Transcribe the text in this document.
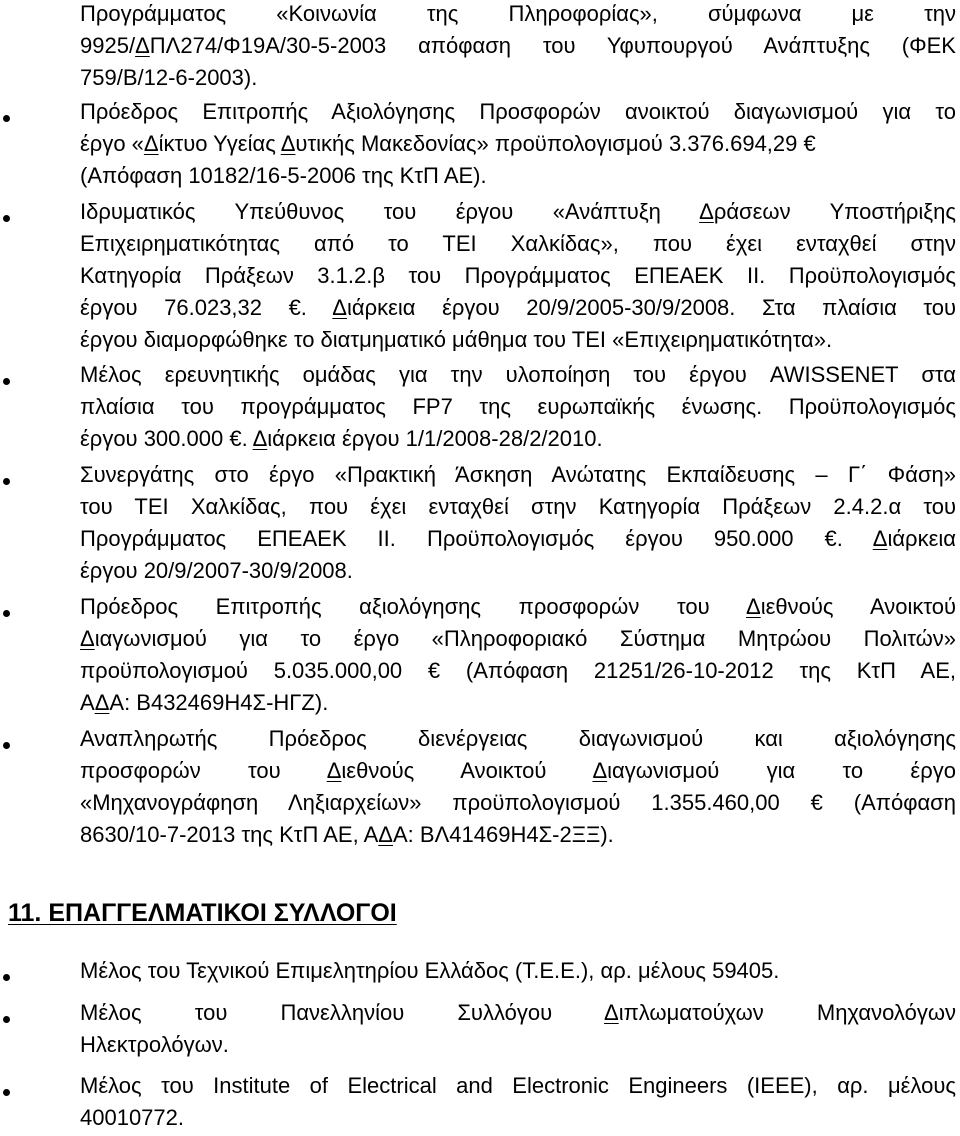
Προγράμματος «Κοινωνία της Πληροφορίας», σύμφωνα με την
9925/ΔΠΛ274/Φ19Α/30-5-2003 απόφαση του Υφυπουργού Ανάπτυξης (ΦΕΚ
759/Β/12-6-2003).
Πρόεδρος Επιτροπής Αξιολόγησης Προσφορών ανοικτού διαγωνισμού για το
έργο «Δίκτυο Υγείας Δυτικής Μακεδονίας» προϋπολογισμού 3.376.694,29 €
(Απόφαση 10182/16-5-2006 της ΚτΠ ΑΕ).
Ιδρυματικός Υπεύθυνος του έργου «Ανάπτυξη Δράσεων Υποστήριξης
Επιχειρηματικότητας από το ΤΕΙ Χαλκίδας», που έχει ενταχθεί στην
Κατηγορία Πράξεων 3.1.2.β του Προγράμματος ΕΠΕΑΕΚ ΙΙ. Προϋπολογισμός
έργου 76.023,32 €. Διάρκεια έργου 20/9/2005-30/9/2008. Στα πλαίσια του
έργου διαμορφώθηκε το διατμηματικό μάθημα του ΤΕΙ «Επιχειρηματικότητα».
Μέλος ερευνητικής ομάδας για την υλοποίηση του έργου AWISSENET στα
πλαίσια του προγράμματος FP7 της ευρωπαϊκής ένωσης. Προϋπολογισμός
έργου 300.000 €. Διάρκεια έργου 1/1/2008-28/2/2010.
Συνεργάτης στο έργο «Πρακτική Άσκηση Ανώτατης Εκπαίδευσης – Γ΄ Φάση»
του ΤΕΙ Χαλκίδας, που έχει ενταχθεί στην Κατηγορία Πράξεων 2.4.2.α του
Προγράμματος ΕΠΕΑΕΚ ΙΙ. Προϋπολογισμός έργου 950.000 €. Διάρκεια
έργου 20/9/2007-30/9/2008.
Πρόεδρος Επιτροπής αξιολόγησης προσφορών του Διεθνούς Ανοικτού
Διαγωνισμού για το έργο «Πληροφοριακό Σύστημα Μητρώου Πολιτών»
προϋπολογισμού 5.035.000,00 € (Απόφαση 21251/26-10-2012 της ΚτΠ ΑΕ,
ΑΔΑ: Β432469Η4Σ-ΗΓΖ).
Αναπληρωτής Πρόεδρος διενέργειας διαγωνισμού και αξιολόγησης
προσφορών του Διεθνούς Ανοικτού Διαγωνισμού για το έργο
«Μηχανογράφηση Ληξιαρχείων» προϋπολογισμού 1.355.460,00 € (Απόφαση
8630/10-7-2013 της ΚτΠ ΑΕ, ΑΔΑ: ΒΛ41469Η4Σ-2ΞΞ).
11. ΕΠΑΓΓΕΛΜΑΤΙΚΟΙ ΣΥΛΛΟΓΟΙ
Μέλος του Τεχνικού Επιμελητηρίου Ελλάδος (Τ.Ε.Ε.), αρ. μέλους 59405.
Μέλος του Πανελληνίου Συλλόγου Διπλωματούχων Μηχανολόγων
Ηλεκτρολόγων.
Μέλος του Institute of Electrical and Electronic Engineers (IEEE), αρ. μέλους
40010772.
